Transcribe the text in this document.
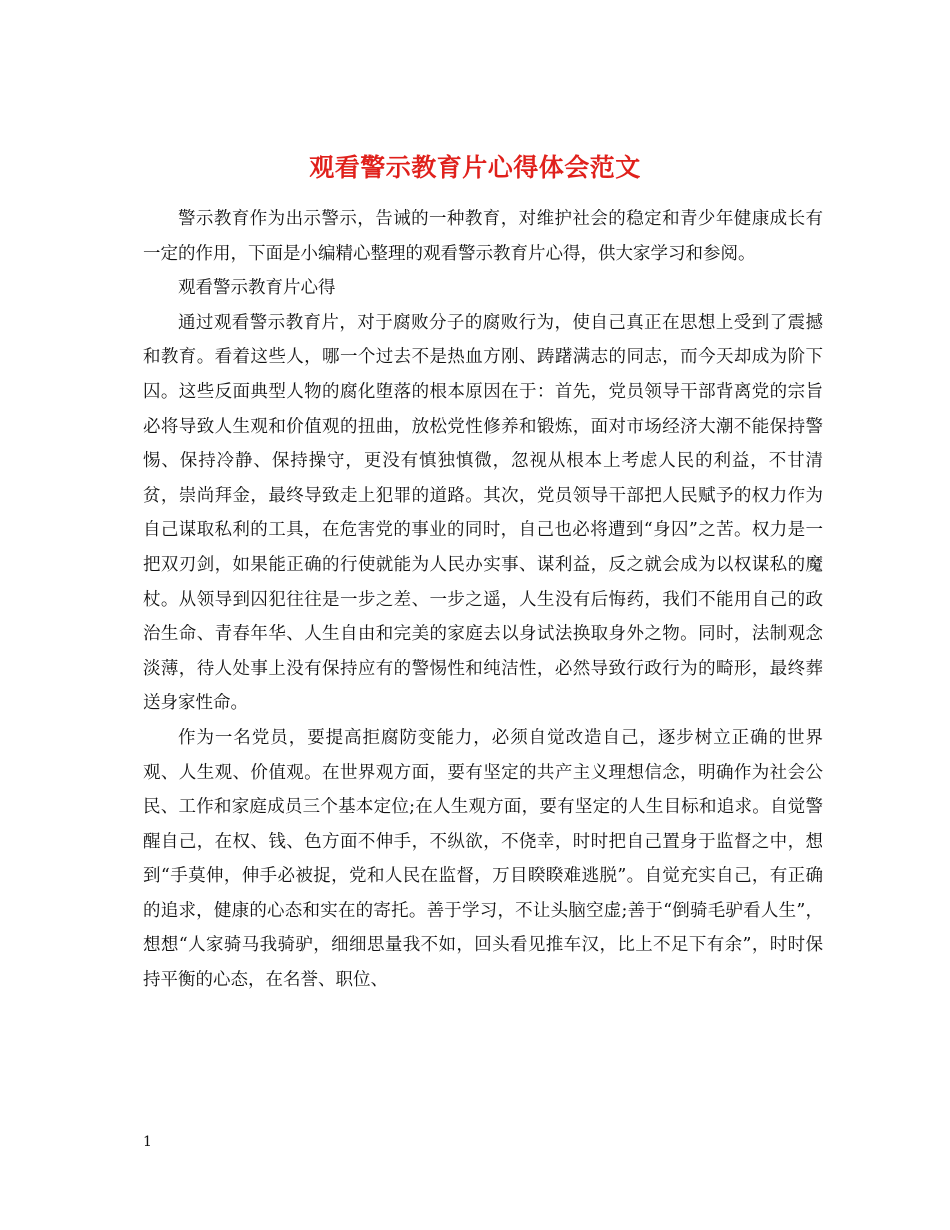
观看警示教育片心得体会范文

警示教育作为出示警示，告诫的一种教育，对维护社会的稳定和青少年健康成长有一定的作用，下面是小编精心整理的观看警示教育片心得，供大家学习和参阅。

观看警示教育片心得

通过观看警示教育片，对于腐败分子的腐败行为，使自己真正在思想上受到了震撼和教育。看着这些人，哪一个过去不是热血方刚、踌躇满志的同志，而今天却成为阶下囚。这些反面典型人物的腐化堕落的根本原因在于：首先，党员领导干部背离党的宗旨必将导致人生观和价值观的扭曲，放松党性修养和锻炼，面对市场经济大潮不能保持警惕、保持冷静、保持操守，更没有慎独慎微，忽视从根本上考虑人民的利益，不甘清贫，崇尚拜金，最终导致走上犯罪的道路。其次，党员领导干部把人民赋予的权力作为自己谋取私利的工具，在危害党的事业的同时，自己也必将遭到“身囚”之苦。权力是一把双刃剑，如果能正确的行使就能为人民办实事、谋利益，反之就会成为以权谋私的魔杖。从领导到囚犯往往是一步之差、一步之遥，人生没有后悔药，我们不能用自己的政治生命、青春年华、人生自由和完美的家庭去以身试法换取身外之物。同时，法制观念淡薄，待人处事上没有保持应有的警惕性和纯洁性，必然导致行政行为的畸形，最终葬送身家性命。

作为一名党员，要提高拒腐防变能力，必须自觉改造自己，逐步树立正确的世界观、人生观、价值观。在世界观方面，要有坚定的共产主义理想信念，明确作为社会公民、工作和家庭成员三个基本定位;在人生观方面，要有坚定的人生目标和追求。自觉警醒自己，在权、钱、色方面不伸手，不纵欲，不侥幸，时时把自己置身于监督之中，想到“手莫伸，伸手必被捉，党和人民在监督，万目睽睽难逃脱”。自觉充实自己，有正确的追求，健康的心态和实在的寄托。善于学习，不让头脑空虚;善于“倒骑毛驴看人生”，想想“人家骑马我骑驴，细细思量我不如，回头看见推车汉，比上不足下有余”，时时保持平衡的心态，在名誉、职位、

1
